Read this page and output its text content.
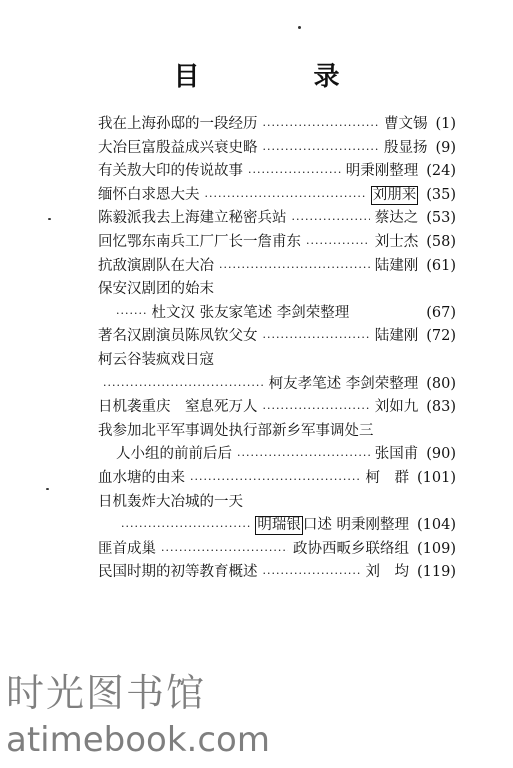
目　录
我在上海孙邸的一段经历 ·····	曹文锡 (1)
大冶巨富殷益成兴衰史略 ·····	殷显扬 (9)
有关敖大印的传说故事 ·····	明秉刚整理 (24)
缅怀白求恩大夫 ·····	刘朋来 (35)
陈毅派我去上海建立秘密兵站 ·····	蔡达之 (53)
回忆鄂东南兵工厂厂长一詹甫东 ·····	刘士杰 (58)
抗敌演剧队在大冶 ·····	陆建刚 (61)
保安汉剧团的始末
······· 杜文汉 张友家笔述 李剑荣整理	(67)
著名汉剧演员陈凤钦父女 ·····	陆建刚 (72)
柯云谷装疯戏日寇
·····
柯友孝笔述 李剑荣整理 (80)
日机袭重庆　窒息死万人 ·····	刘如九 (83)
我参加北平军事调处执行部新乡军事调处三
人小组的前前后后 ·····	张国甫 (90)
血水塘的由来 ·····	柯　群 (101)
日机轰炸大冶城的一天
·····
明瑞银 口述 明秉刚整理 (104)
匪首成巢 ·····	政协西畈乡联络组 (109)
民国时期的初等教育概述 ·····	刘　均 (119)
时光图书馆
atimebook.com
